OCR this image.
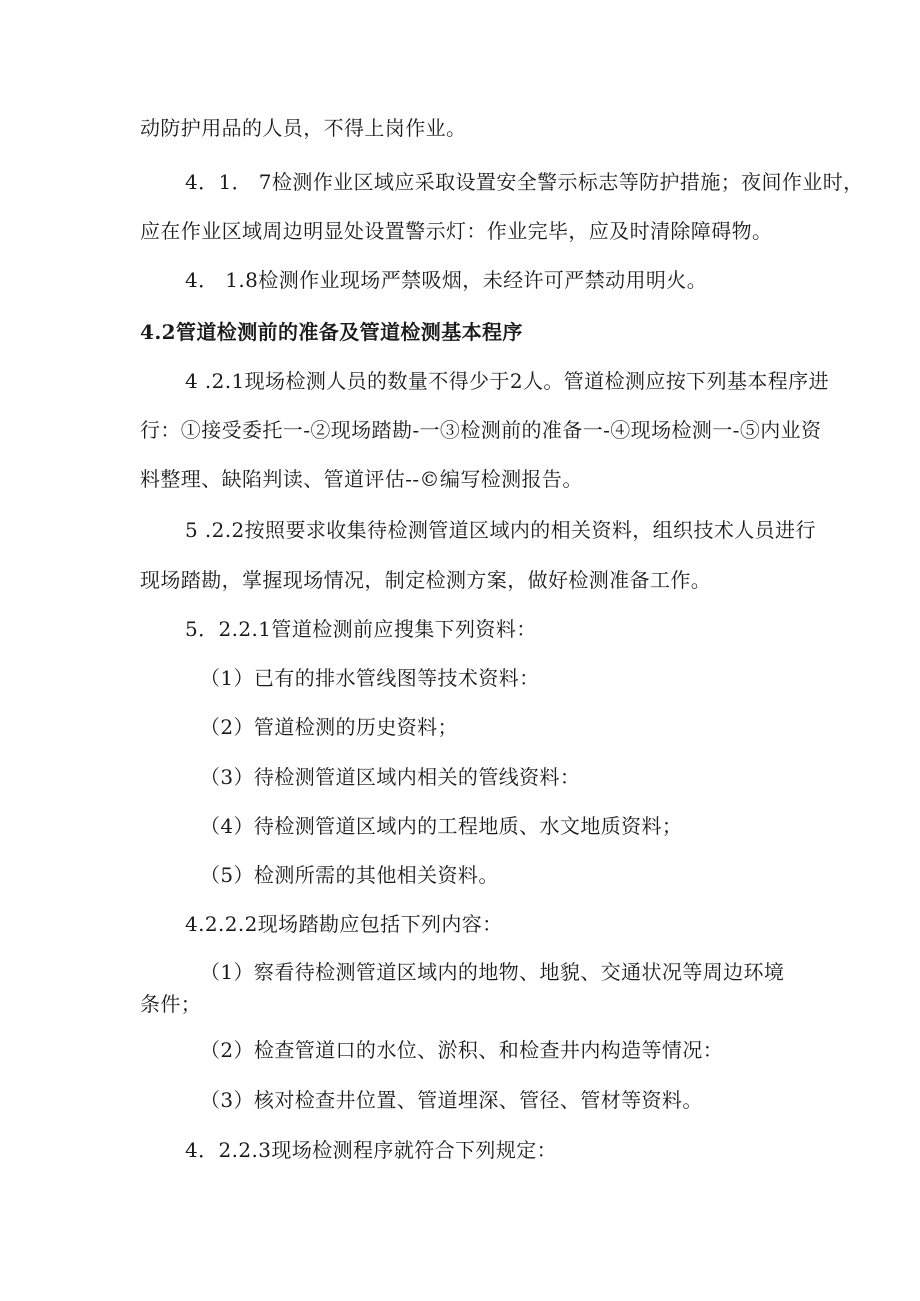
动防护用品的人员，不得上岗作业。
4．1． 7检测作业区域应采取设置安全警示标志等防护措施；夜间作业时，
应在作业区域周边明显处设置警示灯：作业完毕，应及时清除障碍物。
4． 1.8检测作业现场严禁吸烟，未经许可严禁动用明火。
4.2管道检测前的准备及管道检测基本程序
4 .2.1现场检测人员的数量不得少于2人。管道检测应按下列基本程序进
行：①接受委托一-②现场踏勘-一③检测前的准备一-④现场检测一-⑤内业资
料整理、缺陷判读、管道评估--©编写检测报告。
5 .2.2按照要求收集待检测管道区域内的相关资料，组织技术人员进行
现场踏勘，掌握现场情况，制定检测方案，做好检测准备工作。
5．2.2.1管道检测前应搜集下列资料：
（1）已有的排水管线图等技术资料：
（2）管道检测的历史资料；
（3）待检测管道区域内相关的管线资料：
（4）待检测管道区域内的工程地质、水文地质资料；
（5）检测所需的其他相关资料。
4.2.2.2现场踏勘应包括下列内容：
（1）察看待检测管道区域内的地物、地貌、交通状况等周边环境
条件；
（2）检查管道口的水位、淤积、和检查井内构造等情况：
（3）核对检查井位置、管道埋深、管径、管材等资料。
4．2.2.3现场检测程序就符合下列规定：
